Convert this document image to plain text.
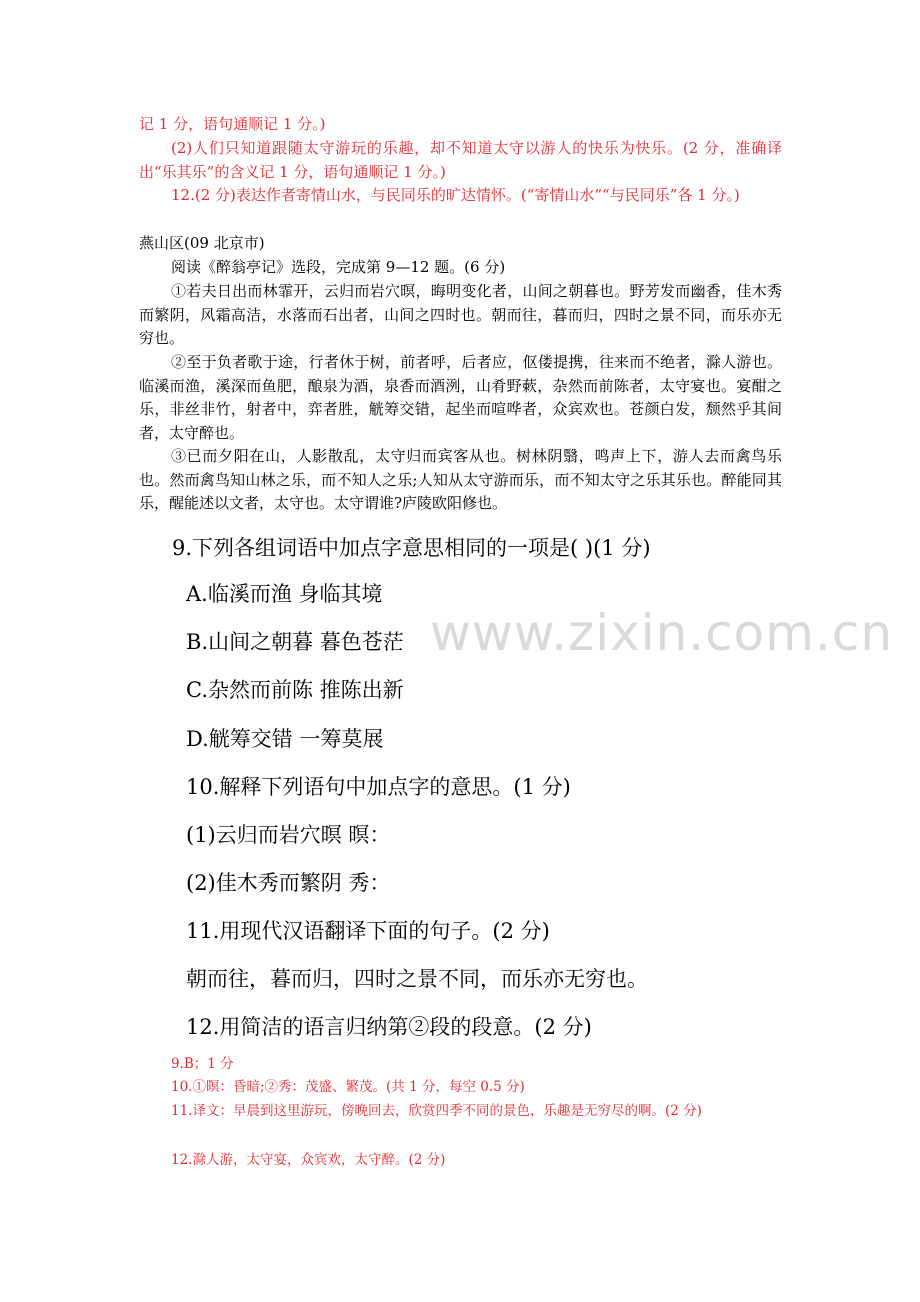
记 1 分，语句通顺记 1 分。)

(2)人们只知道跟随太守游玩的乐趣，却不知道太守以游人的快乐为快乐。(2 分，准确译出“乐其乐”的含义记 1 分，语句通顺记 1 分。)

12.(2 分)表达作者寄情山水，与民同乐的旷达情怀。(“寄情山水”“与民同乐”各 1 分。)

燕山区(09 北京市)

阅读《醉翁亭记》选段，完成第 9—12 题。(6 分)

①若夫日出而林霏开，云归而岩穴暝，晦明变化者，山间之朝暮也。野芳发而幽香，佳木秀而繁阴，风霜高洁，水落而石出者，山间之四时也。朝而往，暮而归，四时之景不同，而乐亦无穷也。

②至于负者歌于途，行者休于树，前者呼，后者应，伛偻提携，往来而不绝者，滁人游也。临溪而渔，溪深而鱼肥，酿泉为酒，泉香而酒洌，山肴野蔌，杂然而前陈者，太守宴也。宴酣之乐，非丝非竹，射者中，弈者胜，觥筹交错，起坐而喧哗者，众宾欢也。苍颜白发，颓然乎其间者，太守醉也。

③已而夕阳在山，人影散乱，太守归而宾客从也。树林阴翳，鸣声上下，游人去而禽鸟乐也。然而禽鸟知山林之乐，而不知人之乐;人知从太守游而乐，而不知太守之乐其乐也。醉能同其乐，醒能述以文者，太守也。太守谓谁?庐陵欧阳修也。

9.下列各组词语中加点字意思相同的一项是( )(1 分)

A.临溪而渔 身临其境

B.山间之朝暮 暮色苍茫

C.杂然而前陈 推陈出新

D.觥筹交错 一筹莫展

10.解释下列语句中加点字的意思。(1 分)

(1)云归而岩穴暝 暝：

(2)佳木秀而繁阴 秀：

11.用现代汉语翻译下面的句子。(2 分)

朝而往，暮而归，四时之景不同，而乐亦无穷也。

12.用简洁的语言归纳第②段的段意。(2 分)

www.zixin.com.cn

9.B；1 分

10.①暝：昏暗;②秀：茂盛、繁茂。(共 1 分，每空 0.5 分)

11.译文：早晨到这里游玩，傍晚回去，欣赏四季不同的景色，乐趣是无穷尽的啊。(2 分)

12.滁人游，太守宴，众宾欢，太守醉。(2 分)
